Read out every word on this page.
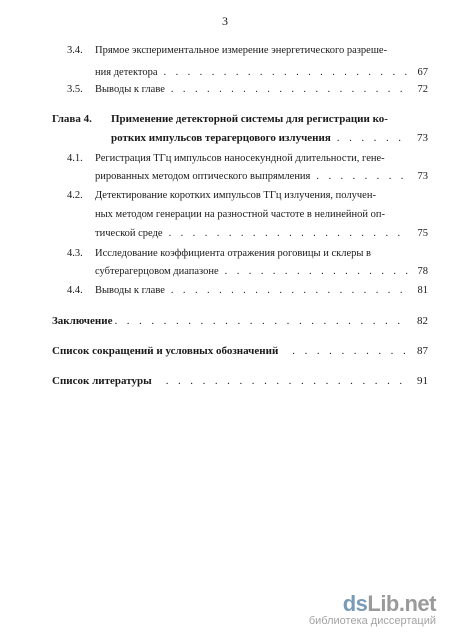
3
3.4. Прямое экспериментальное измерение энергетического разреше-
ния детектора . . .	67
3.5. Выводы к главе . . .	72
Глава 4. Применение детекторной системы для регистрации ко-
ротких импульсов терагерцового излучения . . .	73
4.1. Регистрация ТГц импульсов наносекундной длительности, гене-
рированных методом оптического выпрямления . . .	73
4.2. Детектирование коротких импульсов ТГц излучения, получен-
ных методом генерации на разностной частоте в нелинейной оп-
тической среде . . .	75
4.3. Исследование коэффициента отражения роговицы и склеры в
субтерагерцовом диапазоне . . .	78
4.4. Выводы к главе . . .	81
Заключение . . .	82
Список сокращений и условных обозначений . . .	87
Список литературы . . .	91
dsLib.net
библиотека диссертаций
